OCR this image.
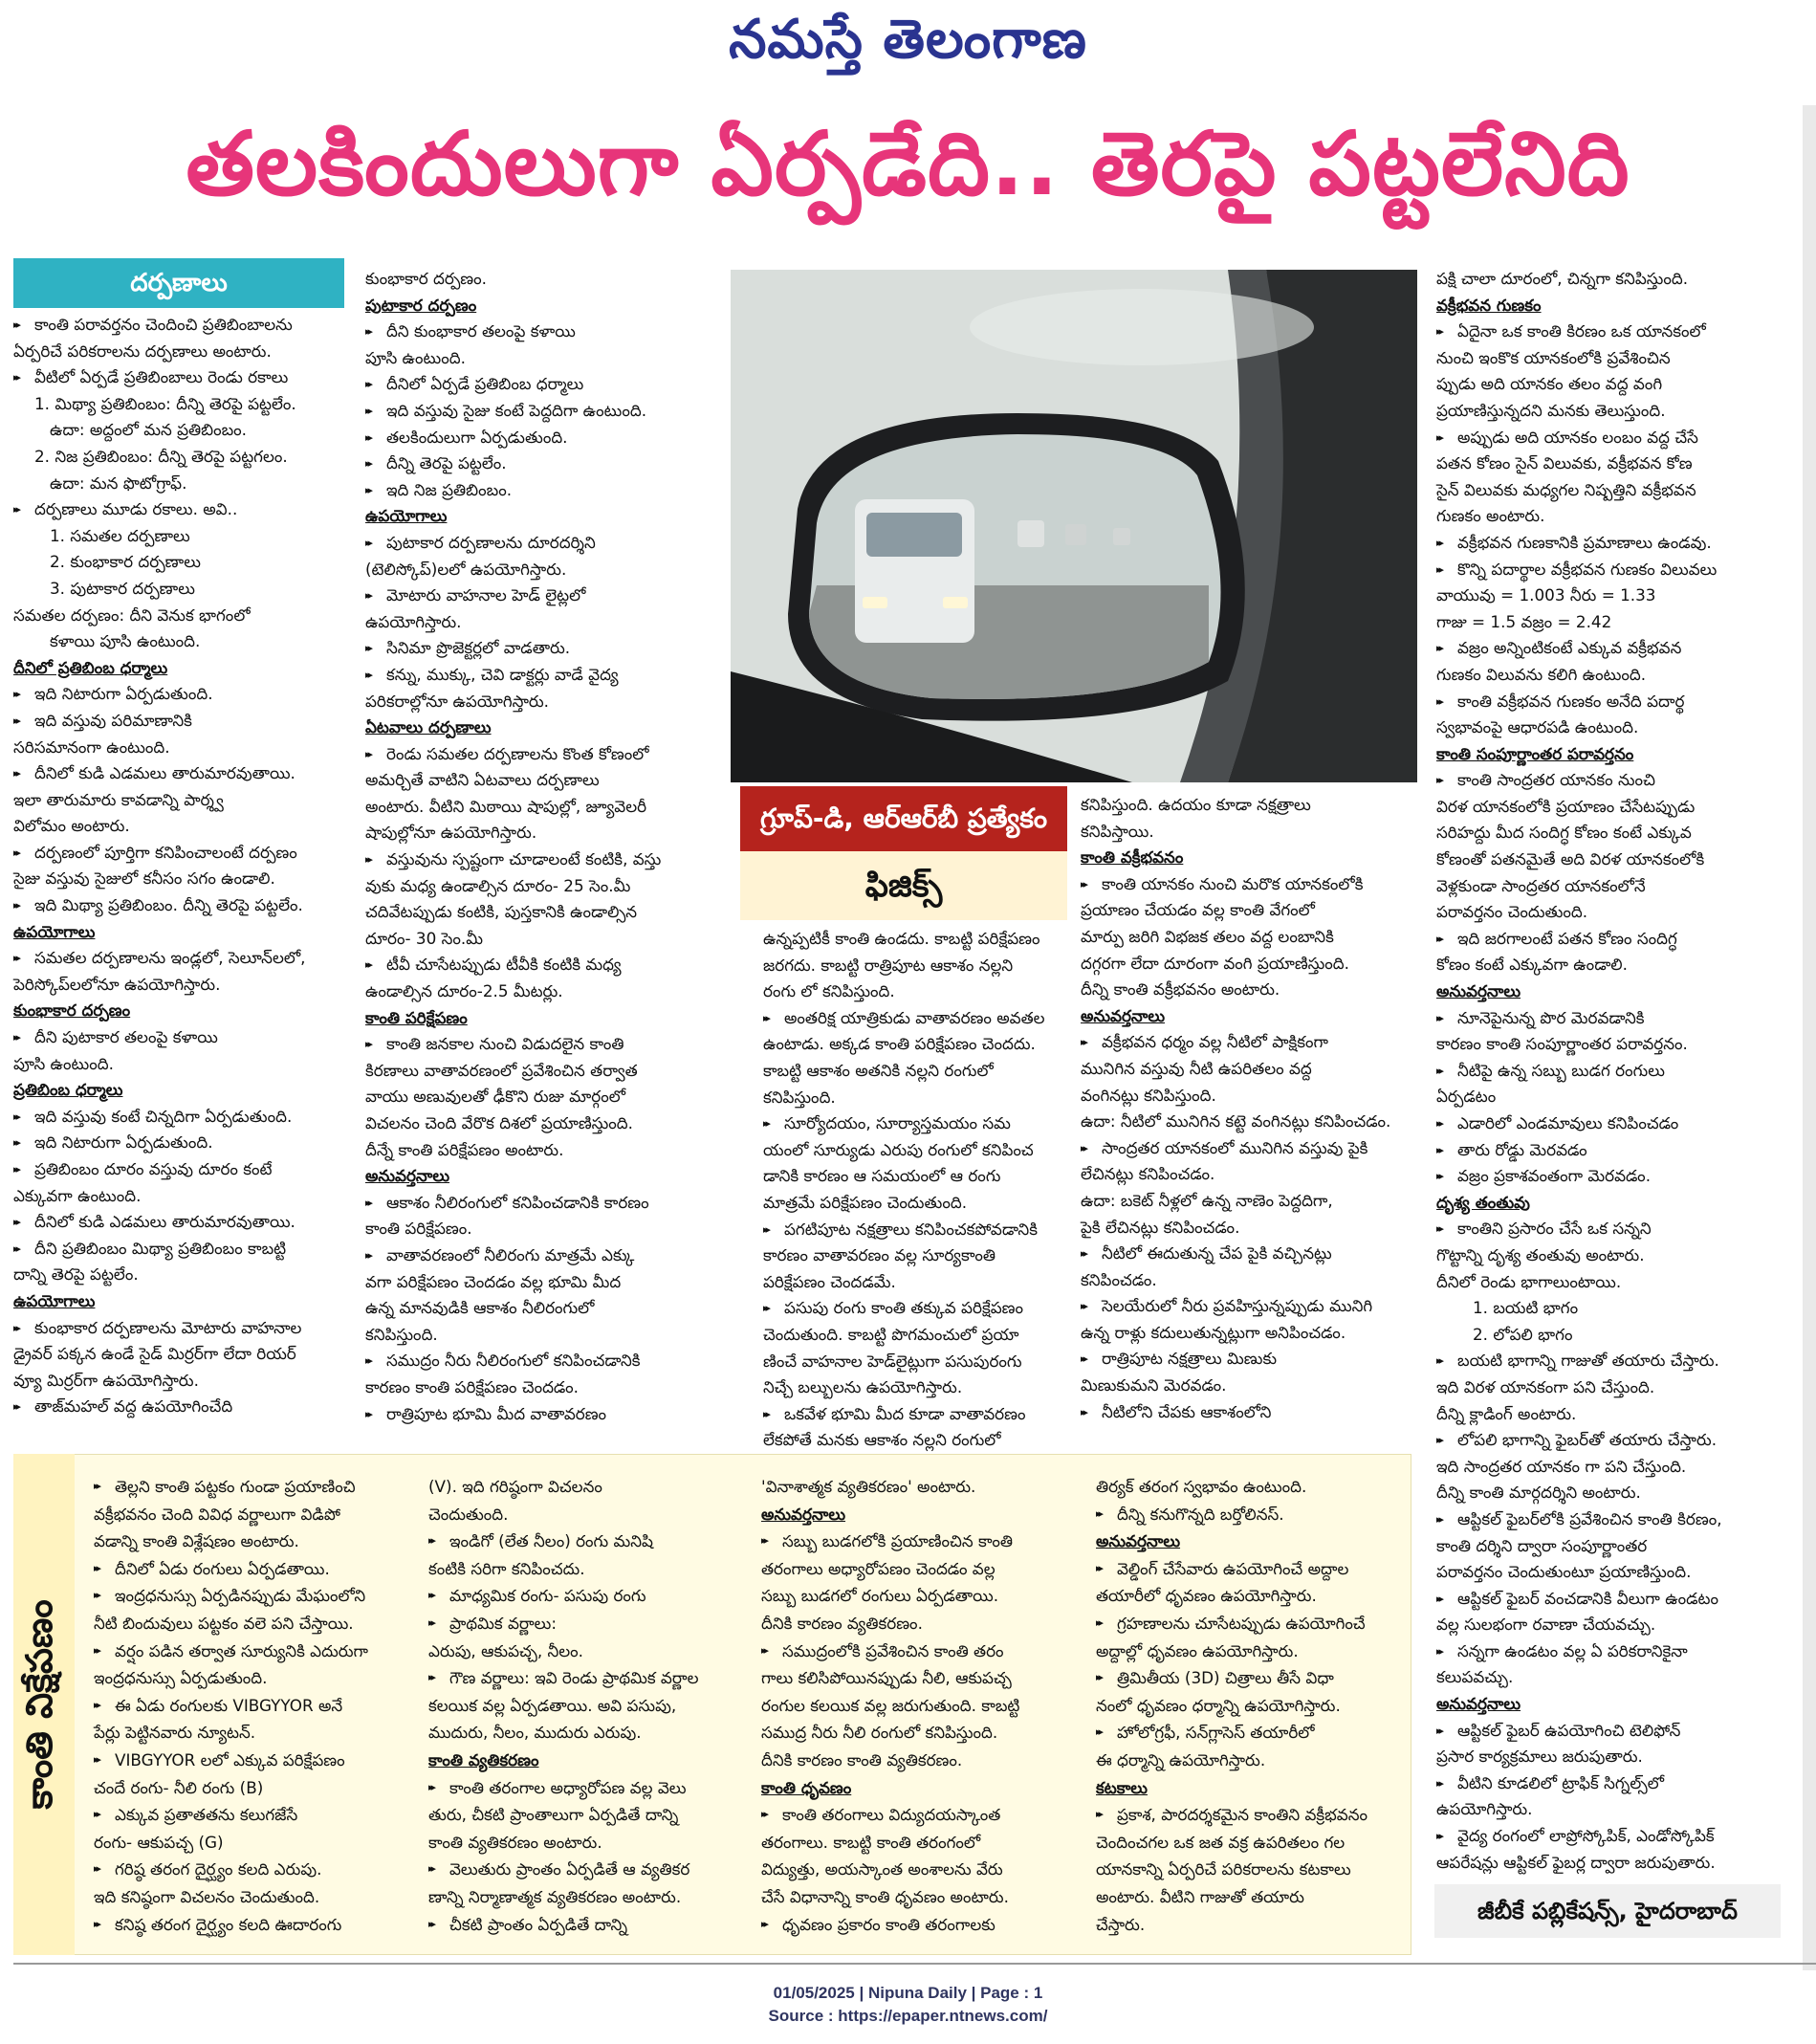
నమస్తే తెలంగాణ
తలకిందులుగా ఏర్పడేది.. తెరపై పట్టలేనిది
దర్పణాలు
▸▸ కాంతి పరావర్తనం చెందించి ప్రతిబింబాలను
ఏర్పరిచే పరికరాలను దర్పణాలు అంటారు.
▸▸ వీటిలో ఏర్పడే ప్రతిబింబాలు రెండు రకాలు
1. మిథ్యా ప్రతిబింబం: దీన్ని తెరపై పట్టలేం.
ఉదా: అద్దంలో మన ప్రతిబింబం.
2. నిజ ప్రతిబింబం: దీన్ని తెరపై పట్టగలం.
ఉదా: మన ఫొటోగ్రాఫ్.
▸▸ దర్పణాలు మూడు రకాలు. అవి..
1. సమతల దర్పణాలు
2. కుంభాకార దర్పణాలు
3. పుటాకార దర్పణాలు
సమతల దర్పణం: దీని వెనుక భాగంలో
కళాయి పూసి ఉంటుంది.
దీనిలో ప్రతిబింబ ధర్మాలు
▸▸ ఇది నిటారుగా ఏర్పడుతుంది.
▸▸ ఇది వస్తువు పరిమాణానికి
సరిసమానంగా ఉంటుంది.
▸▸ దీనిలో కుడి ఎడమలు తారుమారవుతాయి.
ఇలా తారుమారు కావడాన్ని పార్శ్వ
విలోమం అంటారు.
▸▸ దర్పణంలో పూర్తిగా కనిపించాలంటే దర్పణం
సైజు వస్తువు సైజులో కనీసం సగం ఉండాలి.
▸▸ ఇది మిథ్యా ప్రతిబింబం. దీన్ని తెరపై పట్టలేం.
ఉపయోగాలు
▸▸ సమతల దర్పణాలను ఇండ్లలో, సెలూన్‌లలో,
పెరిస్కోప్‌లలోనూ ఉపయోగిస్తారు.
కుంభాకార దర్పణం
▸▸ దీని పుటాకార తలంపై కళాయి
పూసి ఉంటుంది.
ప్రతిబింబ ధర్మాలు
▸▸ ఇది వస్తువు కంటే చిన్నదిగా ఏర్పడుతుంది.
▸▸ ఇది నిటారుగా ఏర్పడుతుంది.
▸▸ ప్రతిబింబం దూరం వస్తువు దూరం కంటే
ఎక్కువగా ఉంటుంది.
▸▸ దీనిలో కుడి ఎడమలు తారుమారవుతాయి.
▸▸ దీని ప్రతిబింబం మిథ్యా ప్రతిబింబం కాబట్టి
దాన్ని తెరపై పట్టలేం.
ఉపయోగాలు
▸▸ కుంభాకార దర్పణాలను మోటారు వాహనాల
డ్రైవర్ పక్కన ఉండే సైడ్ మిర్రర్‌గా లేదా రియర్
వ్యూ మిర్రర్‌గా ఉపయోగిస్తారు.
▸▸ తాజ్‌మహల్ వద్ద ఉపయోగించేది
కుంభాకార దర్పణం.
పుటాకార దర్పణం
▸▸ దీని కుంభాకార తలంపై కళాయి
పూసి ఉంటుంది.
▸▸ దీనిలో ఏర్పడే ప్రతిబింబ ధర్మాలు
▸▸ ఇది వస్తువు సైజు కంటే పెద్దదిగా ఉంటుంది.
▸▸ తలకిందులుగా ఏర్పడుతుంది.
▸▸ దీన్ని తెరపై పట్టలేం.
▸▸ ఇది నిజ ప్రతిబింబం.
ఉపయోగాలు
▸▸ పుటాకార దర్పణాలను దూరదర్శిని
(టెలిస్కోప్)లలో ఉపయోగిస్తారు.
▸▸ మోటారు వాహనాల హెడ్ లైట్లలో
ఉపయోగిస్తారు.
▸▸ సినిమా ప్రొజెక్టర్లలో వాడతారు.
▸▸ కన్ను, ముక్కు, చెవి డాక్టర్లు వాడే వైద్య
పరికరాల్లోనూ ఉపయోగిస్తారు.
ఏటవాలు దర్పణాలు
▸▸ రెండు సమతల దర్పణాలను కొంత కోణంలో
అమర్చితే వాటిని ఏటవాలు దర్పణాలు
అంటారు. వీటిని మిఠాయి షాపుల్లో, జ్యూవెలరీ
షాపుల్లోనూ ఉపయోగిస్తారు.
▸▸ వస్తువును స్పష్టంగా చూడాలంటే కంటికి, వస్తు
వుకు మధ్య ఉండాల్సిన దూరం- 25 సెం.మీ
చదివేటప్పుడు కంటికి, పుస్తకానికి ఉండాల్సిన
దూరం- 30 సెం.మీ
▸▸ టీవీ చూసేటప్పుడు టీవీకి కంటికి మధ్య
ఉండాల్సిన దూరం-2.5 మీటర్లు.
కాంతి పరిక్షేపణం
▸▸ కాంతి జనకాల నుంచి విడుదలైన కాంతి
కిరణాలు వాతావరణంలో ప్రవేశించిన తర్వాత
వాయు అణువులతో ఢీకొని రుజు మార్గంలో
విచలనం చెంది వేరొక దిశలో ప్రయాణిస్తుంది.
దీన్నే కాంతి పరిక్షేపణం అంటారు.
అనువర్తనాలు
▸▸ ఆకాశం నీలిరంగులో కనిపించడానికి కారణం
కాంతి పరిక్షేపణం.
▸▸ వాతావరణంలో నీలిరంగు మాత్రమే ఎక్కు
వగా పరిక్షేపణం చెందడం వల్ల భూమి మీద
ఉన్న మానవుడికి ఆకాశం నీలిరంగులో
కనిపిస్తుంది.
▸▸ సముద్రం నీరు నీలిరంగులో కనిపించడానికి
కారణం కాంతి పరిక్షేపణం చెందడం.
▸▸ రాత్రిపూట భూమి మీద వాతావరణం
గ్రూప్-డి, ఆర్ఆర్‌బీ ప్రత్యేకం
ఫిజిక్స్
ఉన్నప్పటికీ కాంతి ఉండదు. కాబట్టి పరిక్షేపణం
జరగదు. కాబట్టి రాత్రిపూట ఆకాశం నల్లని
రంగు లో కనిపిస్తుంది.
▸▸ అంతరిక్ష యాత్రికుడు వాతావరణం అవతల
ఉంటాడు. అక్కడ కాంతి పరిక్షేపణం చెందదు.
కాబట్టి ఆకాశం అతనికి నల్లని రంగులో కనిపిస్తుంది.
▸▸ సూర్యోదయం, సూర్యాస్తమయం సమ
యంలో సూర్యుడు ఎరుపు రంగులో కనిపించ
డానికి కారణం ఆ సమయంలో ఆ రంగు
మాత్రమే పరిక్షేపణం చెందుతుంది.
▸▸ పగటిపూట నక్షత్రాలు కనిపించకపోవడానికి
కారణం వాతావరణం వల్ల సూర్యకాంతి
పరిక్షేపణం చెందడమే.
▸▸ పసుపు రంగు కాంతి తక్కువ పరిక్షేపణం
చెందుతుంది. కాబట్టి పొగమంచులో ప్రయా
ణించే వాహనాల హెడ్‌లైట్లుగా పసుపురంగు
నిచ్చే బల్బులను ఉపయోగిస్తారు.
▸▸ ఒకవేళ భూమి మీద కూడా వాతావరణం
లేకపోతే మనకు ఆకాశం నల్లని రంగులో
కనిపిస్తుంది. ఉదయం కూడా నక్షత్రాలు
కనిపిస్తాయి.
కాంతి వక్రీభవనం
▸▸ కాంతి యానకం నుంచి మరొక యానకంలోకి
ప్రయాణం చేయడం వల్ల కాంతి వేగంలో
మార్పు జరిగి విభజక తలం వద్ద లంబానికి
దగ్గరగా లేదా దూరంగా వంగి ప్రయాణిస్తుంది.
దీన్ని కాంతి వక్రీభవనం అంటారు.
అనువర్తనాలు
▸▸ వక్రీభవన ధర్మం వల్ల నీటిలో పాక్షికంగా
మునిగిన వస్తువు నీటి ఉపరితలం వద్ద
వంగినట్లు కనిపిస్తుంది.
ఉదా: నీటిలో మునిగిన కట్టె వంగినట్లు కనిపించడం.
▸▸ సాంద్రతర యానకంలో మునిగిన వస్తువు పైకి
లేచినట్లు కనిపించడం.
ఉదా: బకెట్ నీళ్లలో ఉన్న నాణెం పెద్దదిగా,
పైకి లేచినట్లు కనిపించడం.
▸▸ నీటిలో ఈదుతున్న చేప పైకి వచ్చినట్లు
కనిపించడం.
▸▸ సెలయేరులో నీరు ప్రవహిస్తున్నప్పుడు మునిగి
ఉన్న రాళ్లు కదులుతున్నట్లుగా అనిపించడం.
▸▸ రాత్రిపూట నక్షత్రాలు మిణుకు
మిణుకుమని మెరవడం.
▸▸ నీటిలోని చేపకు ఆకాశంలోని
పక్షి చాలా దూరంలో, చిన్నగా కనిపిస్తుంది.
వక్రీభవన గుణకం
▸▸ ఏదైనా ఒక కాంతి కిరణం ఒక యానకంలో
నుంచి ఇంకొక యానకంలోకి ప్రవేశించిన
ప్పుడు అది యానకం తలం వద్ద వంగి
ప్రయాణిస్తున్నదని మనకు తెలుస్తుంది.
▸▸ అప్పుడు అది యానకం లంబం వద్ద చేసే
పతన కోణం సైన్ విలువకు, వక్రీభవన కోణ
సైన్ విలువకు మధ్యగల నిష్పత్తిని వక్రీభవన
గుణకం అంటారు.
▸▸ వక్రీభవన గుణకానికి ప్రమాణాలు ఉండవు.
▸▸ కొన్ని పదార్థాల వక్రీభవన గుణకం విలువలు
వాయువు = 1.003 నీరు = 1.33
గాజు = 1.5 వజ్రం = 2.42
▸▸ వజ్రం అన్నింటికంటే ఎక్కువ వక్రీభవన
గుణకం విలువను కలిగి ఉంటుంది.
▸▸ కాంతి వక్రీభవన గుణకం అనేది పదార్థ
స్వభావంపై ఆధారపడి ఉంటుంది.
కాంతి సంపూర్ణాంతర పరావర్తనం
▸▸ కాంతి సాంద్రతర యానకం నుంచి
విరళ యానకంలోకి ప్రయాణం చేసేటప్పుడు
సరిహద్దు మీద సందిగ్ధ కోణం కంటే ఎక్కువ
కోణంతో పతనమైతే అది విరళ యానకంలోకి
వెళ్లకుండా సాంద్రతర యానకంలోనే
పరావర్తనం చెందుతుంది.
▸▸ ఇది జరగాలంటే పతన కోణం సందిగ్ధ
కోణం కంటే ఎక్కువగా ఉండాలి.
అనువర్తనాలు
▸▸ నూనెపైనున్న పొర మెరవడానికి
కారణం కాంతి సంపూర్ణాంతర పరావర్తనం.
▸▸ నీటిపై ఉన్న సబ్బు బుడగ రంగులు
ఏర్పడటం
▸▸ ఎడారిలో ఎండమావులు కనిపించడం
▸▸ తారు రోడ్డు మెరవడం
▸▸ వజ్రం ప్రకాశవంతంగా మెరవడం.
దృశ్య తంతువు
▸▸ కాంతిని ప్రసారం చేసే ఒక సన్నని
గొట్టాన్ని దృశ్య తంతువు అంటారు.
దీనిలో రెండు భాగాలుంటాయి.
1. బయటి భాగం
2. లోపలి భాగం
▸▸ బయటి భాగాన్ని గాజుతో తయారు చేస్తారు.
ఇది విరళ యానకంగా పని చేస్తుంది.
దీన్ని క్లాడింగ్ అంటారు.
▸▸ లోపలి భాగాన్ని ఫైబర్‌తో తయారు చేస్తారు.
ఇది సాంద్రతర యానకం గా పని చేస్తుంది.
దీన్ని కాంతి మార్గదర్శిని అంటారు.
▸▸ ఆప్టికల్ ఫైబర్‌లోకి ప్రవేశించిన కాంతి కిరణం,
కాంతి దర్శిని ద్వారా సంపూర్ణాంతర
పరావర్తనం చెందుతుంటూ ప్రయాణిస్తుంది.
▸▸ ఆప్టికల్ ఫైబర్ వంచడానికి వీలుగా ఉండటం
వల్ల సులభంగా రవాణా చేయవచ్చు.
▸▸ సన్నగా ఉండటం వల్ల ఏ పరికరానికైనా
కలుపవచ్చు.
అనువర్తనాలు
▸▸ ఆప్టికల్ ఫైబర్ ఉపయోగించి టెలిఫోన్
ప్రసార కార్యక్రమాలు జరుపుతారు.
▸▸ వీటిని కూడలిలో ట్రాఫిక్ సిగ్నల్స్‌లో
ఉపయోగిస్తారు.
▸▸ వైద్య రంగంలో లాప్రోస్కోపిక్, ఎండోస్కోపిక్
ఆపరేషన్లు ఆప్టికల్ ఫైబర్ల ద్వారా జరుపుతారు.
కాంతి విక్షేపణం
▸▸ తెల్లని కాంతి పట్టకం గుండా ప్రయాణించి
వక్రీభవనం చెంది వివిధ వర్ణాలుగా విడిపో
వడాన్ని కాంతి విశ్లేషణం అంటారు.
▸▸ దీనిలో ఏడు రంగులు ఏర్పడతాయి.
▸▸ ఇంద్రధనుస్సు ఏర్పడినప్పుడు మేఘంలోని
నీటి బిందువులు పట్టకం వలె పని చేస్తాయి.
▸▸ వర్షం పడిన తర్వాత సూర్యునికి ఎదురుగా
ఇంద్రధనుస్సు ఏర్పడుతుంది.
▸▸ ఈ ఏడు రంగులకు VIBGYYOR అనే
పేర్లు పెట్టినవారు న్యూటన్.
▸▸ VIBGYYOR లలో ఎక్కువ పరిక్షేపణం
చందే రంగు- నీలి రంగు (B)
▸▸ ఎక్కువ ప్రతాతతను కలుగజేసే
రంగు- ఆకుపచ్చ (G)
▸▸ గరిష్ఠ తరంగ దైర్ఘ్యం కలది ఎరుపు.
ఇది కనిష్ఠంగా విచలనం చెందుతుంది.
▸▸ కనిష్ఠ తరంగ దైర్ఘ్యం కలది ఊదారంగు
(V). ఇది గరిష్ఠంగా విచలనం
చెందుతుంది.
▸▸ ఇండిగో (లేత నీలం) రంగు మనిషి
కంటికి సరిగా కనిపించదు.
▸▸ మాధ్యమిక రంగు- పసుపు రంగు
▸▸ ప్రాథమిక వర్ణాలు:
ఎరుపు, ఆకుపచ్చ, నీలం.
▸▸ గౌణ వర్ణాలు: ఇవి రెండు ప్రాథమిక వర్ణాల
కలయిక వల్ల ఏర్పడతాయి. అవి పసుపు,
ముదురు, నీలం, ముదురు ఎరుపు.
కాంతి వ్యతికరణం
▸▸ కాంతి తరంగాల అధ్యారోపణ వల్ల వెలు
తురు, చీకటి ప్రాంతాలుగా ఏర్పడితే దాన్ని
కాంతి వ్యతికరణం అంటారు.
▸▸ వెలుతురు ప్రాంతం ఏర్పడితే ఆ వ్యతికర
ణాన్ని నిర్మాణాత్మక వ్యతికరణం అంటారు.
▸▸ చీకటి ప్రాంతం ఏర్పడితే దాన్ని
'వినాశాత్మక వ్యతికరణం' అంటారు.
అనువర్తనాలు
▸▸ సబ్బు బుడగలోకి ప్రయాణించిన కాంతి
తరంగాలు అధ్యారోపణం చెందడం వల్ల
సబ్బు బుడగలో రంగులు ఏర్పడతాయి.
దీనికి కారణం వ్యతికరణం.
▸▸ సముద్రంలోకి ప్రవేశించిన కాంతి తరం
గాలు కలిసిపోయినప్పుడు నీలి, ఆకుపచ్చ
రంగుల కలయిక వల్ల జరుగుతుంది. కాబట్టి
సముద్ర నీరు నీలి రంగులో కనిపిస్తుంది.
దీనికి కారణం కాంతి వ్యతికరణం.
కాంతి ధృవణం
▸▸ కాంతి తరంగాలు విద్యుదయస్కాంత
తరంగాలు. కాబట్టి కాంతి తరంగంలో
విద్యుత్తు, అయస్కాంత అంశాలను వేరు
చేసే విధానాన్ని కాంతి ధృవణం అంటారు.
▸▸ ధృవణం ప్రకారం కాంతి తరంగాలకు
తిర్యక్ తరంగ స్వభావం ఉంటుంది.
▸▸ దీన్ని కనుగొన్నది బర్తోలినస్.
అనువర్తనాలు
▸▸ వెల్డింగ్ చేసేవారు ఉపయోగించే అద్దాల
తయారీలో ధృవణం ఉపయోగిస్తారు.
▸▸ గ్రహణాలను చూసేటప్పుడు ఉపయోగించే
అద్దాల్లో ధృవణం ఉపయోగిస్తారు.
▸▸ త్రిమితీయ (3D) చిత్రాలు తీసే విధా
నంలో ధృవణం ధర్మాన్ని ఉపయోగిస్తారు.
▸▸ హోలోగ్రఫీ, సన్‌గ్లాసెస్ తయారీలో
ఈ ధర్మాన్ని ఉపయోగిస్తారు.
కటకాలు
▸▸ ప్రకాశ, పారదర్శకమైన కాంతిని వక్రీభవనం
చెందించగల ఒక జత వక్ర ఉపరితలం గల
యానకాన్ని ఏర్పరిచే పరికరాలను కటకాలు
అంటారు. వీటిని గాజుతో తయారు
చేస్తారు.	జీబీకే పబ్లికేషన్స్, హైదరాబాద్
01/05/2025 | Nipuna Daily | Page : 1
Source : https://epaper.ntnews.com/
